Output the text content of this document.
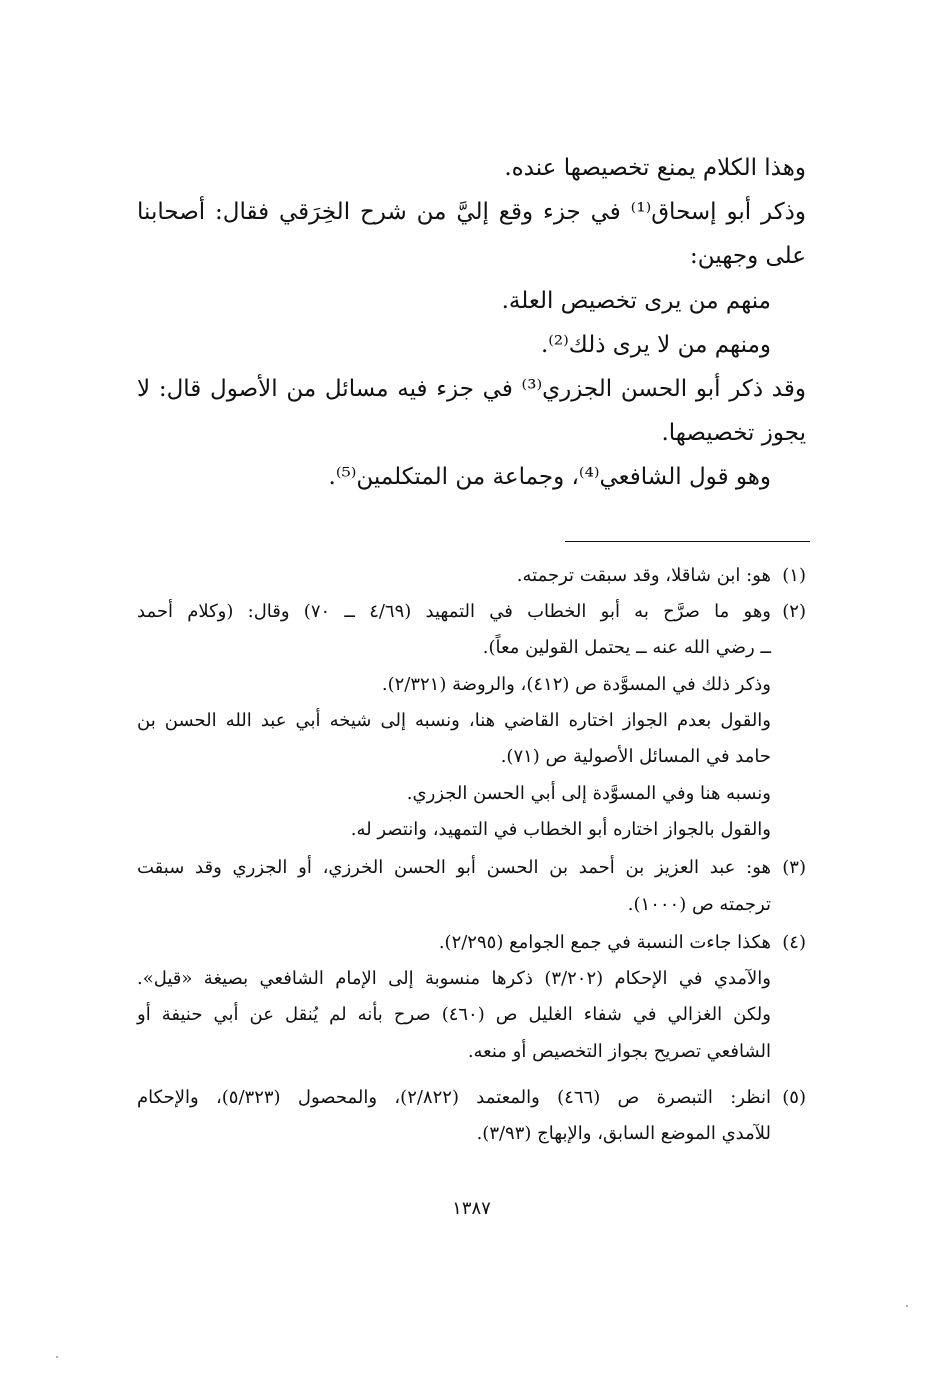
وهذا الكلام يمنع تخصيصها عنده.
وذكر أبو إسحاق⁽¹⁾ في جزء وقع إليَّ من شرح الخِرَقي فقال: أصحابنا
على وجهين:
منهم من يرى تخصيص العلة.
ومنهم من لا يرى ذلك⁽²⁾.
وقد ذكر أبو الحسن الجزري⁽³⁾ في جزء فيه مسائل من الأصول قال: لا
يجوز تخصيصها.
وهو قول الشافعي⁽⁴⁾، وجماعة من المتكلمين⁽⁵⁾.
(١)
هو: ابن شاقلا، وقد سبقت ترجمته.
(٢)
وهو ما صرَّح به أبو الخطاب في التمهيد (٤/٦٩ ــ ٧٠) وقال: (وكلام أحمد
ــ رضي الله عنه ــ يحتمل القولين معاً).
وذكر ذلك في المسوَّدة ص (٤١٢)، والروضة (٢/٣٢١).
والقول بعدم الجواز اختاره القاضي هنا، ونسبه إلى شيخه أبي عبد الله الحسن بن
حامد في المسائل الأصولية ص (٧١).
ونسبه هنا وفي المسوَّدة إلى أبي الحسن الجزري.
والقول بالجواز اختاره أبو الخطاب في التمهيد، وانتصر له.
(٣)
هو: عبد العزيز بن أحمد بن الحسن أبو الحسن الخرزي، أو الجزري وقد سبقت
ترجمته ص (١٠٠٠).
(٤)
هكذا جاءت النسبة في جمع الجوامع (٢/٢٩٥).
والآمدي في الإحكام (٣/٢٠٢) ذكرها منسوبة إلى الإمام الشافعي بصيغة «قيل».
ولكن الغزالي في شفاء الغليل ص (٤٦٠) صرح بأنه لم يُنقل عن أبي حنيفة أو
الشافعي تصريح بجواز التخصيص أو منعه.
(٥)
انظر: التبصرة ص (٤٦٦) والمعتمد (٢/٨٢٢)، والمحصول (٥/٣٢٣)، والإحكام
للآمدي الموضع السابق، والإبهاج (٣/٩٣).
١٣٨٧
